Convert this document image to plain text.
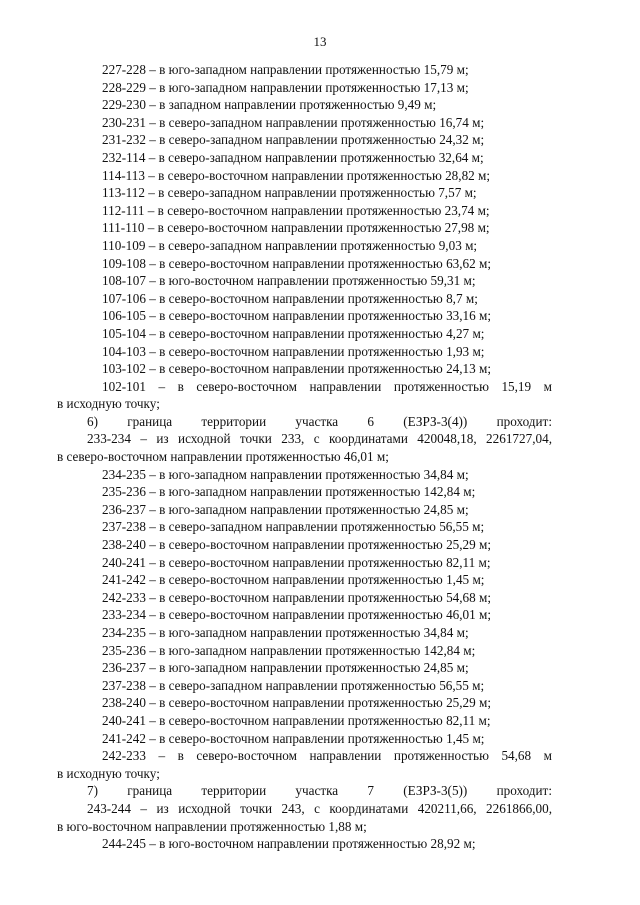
13
227-228 – в юго-западном направлении протяженностью 15,79 м;
228-229 – в юго-западном направлении протяженностью 17,13 м;
229-230 – в западном направлении протяженностью 9,49 м;
230-231 – в северо-западном направлении протяженностью 16,74 м;
231-232 – в северо-западном направлении протяженностью 24,32 м;
232-114 – в северо-западном направлении протяженностью 32,64 м;
114-113 – в северо-восточном направлении протяженностью 28,82 м;
113-112 – в северо-западном направлении протяженностью 7,57 м;
112-111 – в северо-восточном направлении протяженностью 23,74 м;
111-110 – в северо-восточном направлении протяженностью 27,98 м;
110-109 – в северо-западном направлении протяженностью 9,03 м;
109-108 – в северо-восточном направлении протяженностью 63,62 м;
108-107 – в юго-восточном направлении протяженностью 59,31 м;
107-106 – в северо-восточном направлении протяженностью 8,7 м;
106-105 – в северо-восточном направлении протяженностью 33,16 м;
105-104 – в северо-восточном направлении протяженностью 4,27 м;
104-103 – в северо-восточном направлении протяженностью 1,93 м;
103-102 – в северо-восточном направлении протяженностью 24,13 м;
102-101 – в северо-восточном направлении протяженностью 15,19 м
в исходную точку;
6) граница территории участка 6 (ЕЗРЗ-3(4)) проходит:
233-234 – из исходной точки 233, с координатами 420048,18, 2261727,04,
в северо-восточном направлении протяженностью 46,01 м;
234-235 – в юго-западном направлении протяженностью 34,84 м;
235-236 – в юго-западном направлении протяженностью 142,84 м;
236-237 – в юго-западном направлении протяженностью 24,85 м;
237-238 – в северо-западном направлении протяженностью 56,55 м;
238-240 – в северо-восточном направлении протяженностью 25,29 м;
240-241 – в северо-восточном направлении протяженностью 82,11 м;
241-242 – в северо-восточном направлении протяженностью 1,45 м;
242-233 – в северо-восточном направлении протяженностью 54,68 м;
233-234 – в северо-восточном направлении протяженностью 46,01 м;
234-235 – в юго-западном направлении протяженностью 34,84 м;
235-236 – в юго-западном направлении протяженностью 142,84 м;
236-237 – в юго-западном направлении протяженностью 24,85 м;
237-238 – в северо-западном направлении протяженностью 56,55 м;
238-240 – в северо-восточном направлении протяженностью 25,29 м;
240-241 – в северо-восточном направлении протяженностью 82,11 м;
241-242 – в северо-восточном направлении протяженностью 1,45 м;
242-233 – в северо-восточном направлении протяженностью 54,68 м
в исходную точку;
7) граница территории участка 7 (ЕЗРЗ-3(5)) проходит:
243-244 – из исходной точки 243, с координатами 420211,66, 2261866,00,
в юго-восточном направлении протяженностью 1,88 м;
244-245 – в юго-восточном направлении протяженностью 28,92 м;
